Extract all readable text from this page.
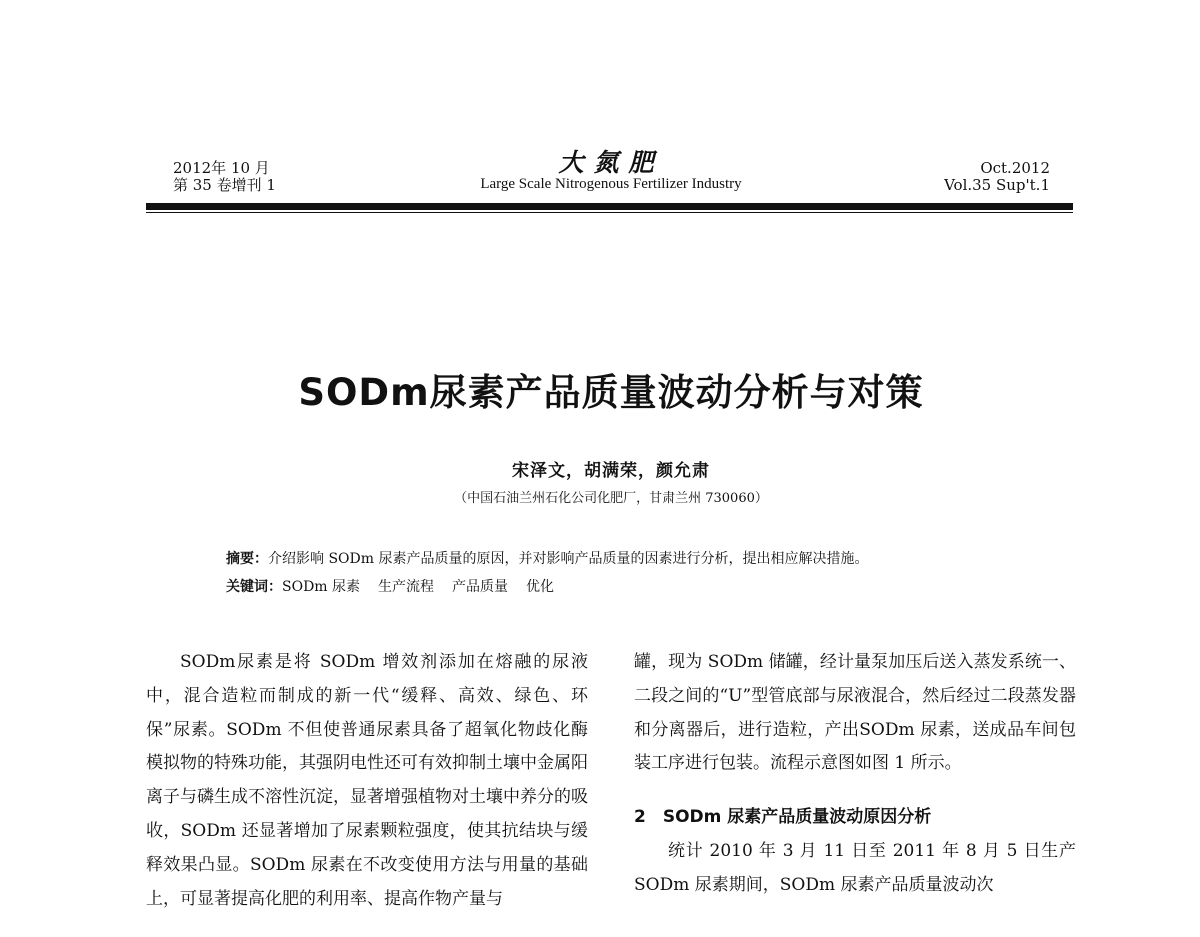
2012年 10 月
第 35 卷增刊 1
大氮肥
Large Scale Nitrogenous Fertilizer Industry
Oct.2012
Vol.35 Sup't.1
SODm尿素产品质量波动分析与对策
宋泽文，胡满荣，颜允肃
（中国石油兰州石化公司化肥厂，甘肃兰州 730060）
摘要：介绍影响 SODm 尿素产品质量的原因，并对影响产品质量的因素进行分析，提出相应解决措施。
关键词：SODm 尿素 生产流程 产品质量 优化

SODm尿素是将 SODm 增效剂添加在熔融的尿液中，混合造粒而制成的新一代“缓释、高效、绿色、环保”尿素。SODm 不但使普通尿素具备了超氧化物歧化酶模拟物的特殊功能，其强阴电性还可有效抑制土壤中金属阳离子与磷生成不溶性沉淀，显著增强植物对土壤中养分的吸收，SODm 还显著增加了尿素颗粒强度，使其抗结块与缓释效果凸显。SODm 尿素在不改变使用方法与用量的基础上，可显著提高化肥的利用率、提高作物产量与

罐，现为 SODm 储罐，经计量泵加压后送入蒸发系统一、二段之间的“U”型管底部与尿液混合，然后经过二段蒸发器和分离器后，进行造粒，产出SODm 尿素，送成品车间包装工序进行包装。流程示意图如图 1 所示。

2　SODm 尿素产品质量波动原因分析

统计 2010 年 3 月 11 日至 2011 年 8 月 5 日生产 SODm 尿素期间，SODm 尿素产品质量波动次
